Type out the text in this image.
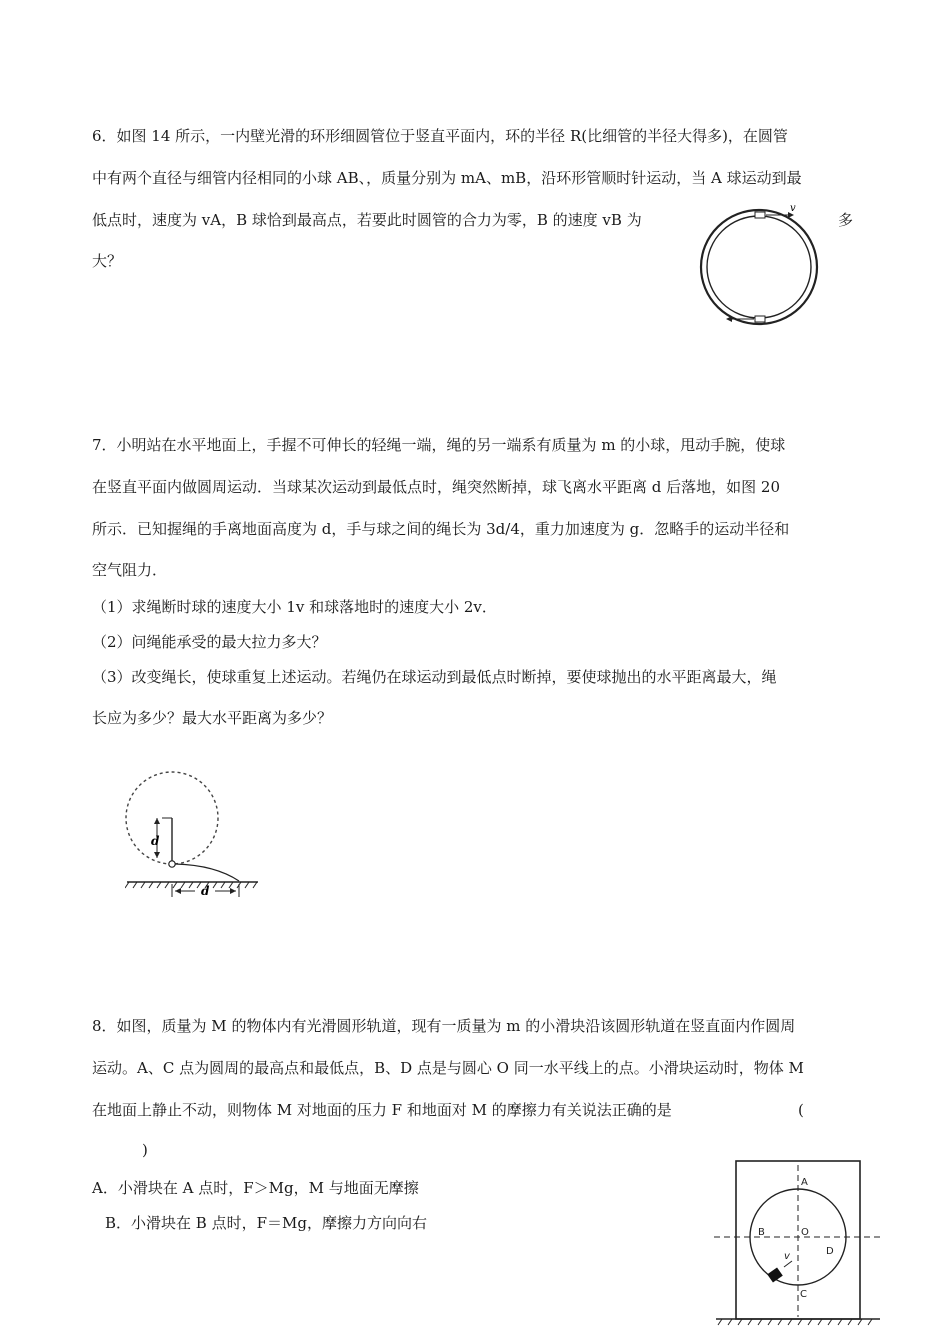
6．如图 14 所示，一内壁光滑的环形细圆管位于竖直平面内，环的半径 R(比细管的半径大得多)，在圆管
中有两个直径与细管内径相同的小球 AB、，质量分别为 mA、mB，沿环形管顺时针运动，当 A 球运动到最
低点时，速度为 vA，B 球恰到最高点，若要此时圆管的合力为零，B 的速度 vB 为	多
大？
v
7．小明站在水平地面上，手握不可伸长的轻绳一端，绳的另一端系有质量为 m 的小球，甩动手腕，使球
在竖直平面内做圆周运动．当球某次运动到最低点时，绳突然断掉，球飞离水平距离 d 后落地，如图 20
所示．已知握绳的手离地面高度为 d，手与球之间的绳长为 3d/4，重力加速度为 g．忽略手的运动半径和
空气阻力．
（1）求绳断时球的速度大小 1v 和球落地时的速度大小 2v．
（2）问绳能承受的最大拉力多大？
（3）改变绳长，使球重复上述运动。若绳仍在球运动到最低点时断掉，要使球抛出的水平距离最大，绳
长应为多少？最大水平距离为多少？
d
d
8．如图，质量为 M 的物体内有光滑圆形轨道，现有一质量为 m 的小滑块沿该圆形轨道在竖直面内作圆周
运动。A、C 点为圆周的最高点和最低点，B、D 点是与圆心 O 同一水平线上的点。小滑块运动时，物体 M
在地面上静止不动，则物体 M 对地面的压力 F 和地面对 M 的摩擦力有关说法正确的是	(
)
A．小滑块在 A 点时，F＞Mg，M 与地面无摩擦
B．小滑块在 B 点时，F＝Mg，摩擦力方向向右
A
B	O
D
C
v
